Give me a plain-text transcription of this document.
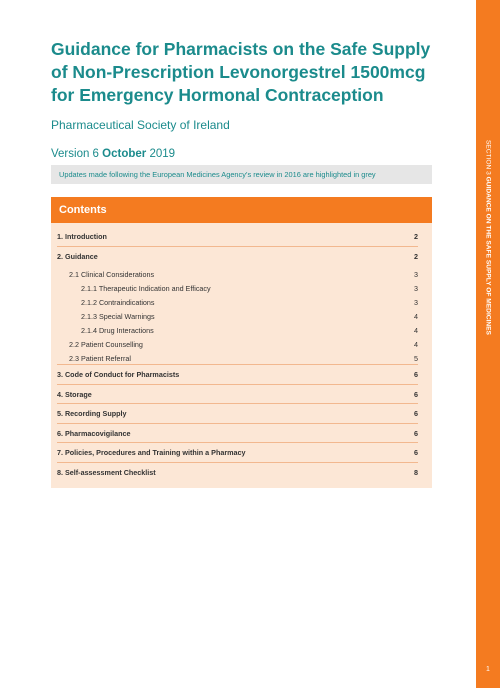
Guidance for Pharmacists on the Safe Supply of Non-Prescription Levonorgestrel 1500mcg for Emergency Hormonal Contraception
Pharmaceutical Society of Ireland
Version 6 October 2019
Updates made following the European Medicines Agency’s review in 2016 are highlighted in grey
Contents
1. Introduction	2
2. Guidance	2
2.1 Clinical Considerations	3
2.1.1 Therapeutic Indication and Efficacy	3
2.1.2 Contraindications	3
2.1.3 Special Warnings	4
2.1.4 Drug Interactions	4
2.2 Patient Counselling	4
2.3 Patient Referral	5
3. Code of Conduct for Pharmacists	6
4. Storage	6
5. Recording Supply	6
6. Pharmacovigilance	6
7. Policies, Procedures and Training within a Pharmacy	6
8. Self-assessment Checklist	8
SECTION 3 GUIDANCE ON THE SAFE SUPPLY OF MEDICINES
1
